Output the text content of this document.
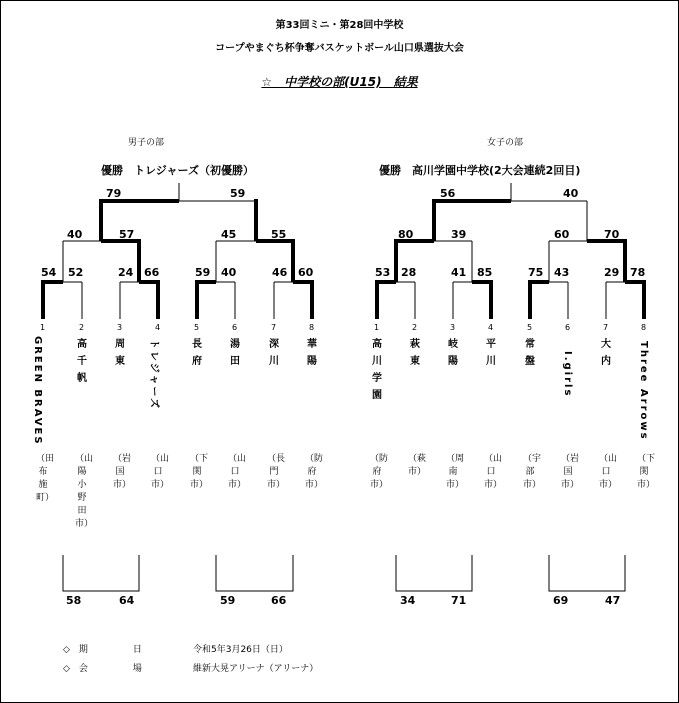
第33回ミニ・第28回中学校
コープやまぐち杯争奪バスケットボール山口県選抜大会
☆　中学校の部(U15)　結果
男子の部	女子の部
優勝　トレジャーズ（初優勝）	優勝　高川学園中学校(2大会連続2回目)
79	59
40	57	45	55
54 52	24 66	59 40	46 60
56	40
80	39	60	70
53 28	41 85	75 43	29 78
1	2	3	4	5	6	7	8	1	2	3	4	5	6	7	8
GREEN BRAVES	高千帆
周東	トレジャーズ	長府
湯田
深川
華陽
高川学園
萩東
岐陽
平川
常盤	I.girls
大内	Three Arrows
（田布施町）
（山陽小野田市）
（岩国市）
（山口市）
（下関市）
（山口市）
（長門市）
（防府市）
（防府市）
（萩市）
（周南市）
（山口市）
（宇部市）
（岩国市）
（山口市）
（下関市）
58	64	59	66	34	71	69	47
◇　期　　　　　日	令和5年3月26日（日）
◇　会　　　　　場	維新大晃アリーナ（アリーナ）
